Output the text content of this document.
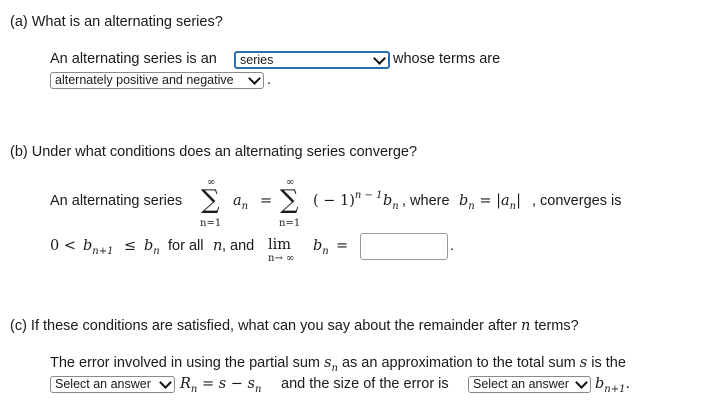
(a) What is an alternating series?
An alternating series is an series	whose terms are
alternately positive and negative .
(b) Under what conditions does an alternating series converge?
An alternating series
∞
∑
n=1
$a_n$ =
∞
∑
n=1
( − 1)$^{n - 1}$ $b_n$ , where $b_n = |a_n|$ , converges is
$0 < b_{n+1} \le b_n$ for all n , and lim
n→ ∞
$b_n$ =	.
(c) If these conditions are satisfied, what can you say about the remainder after n terms?
The error involved in using the partial sum $s_n$ as an approximation to the total sum s is the
Select an answer $R_n = s - s_n$ and the size of the error is Select an answer $b_{n+1}$.
